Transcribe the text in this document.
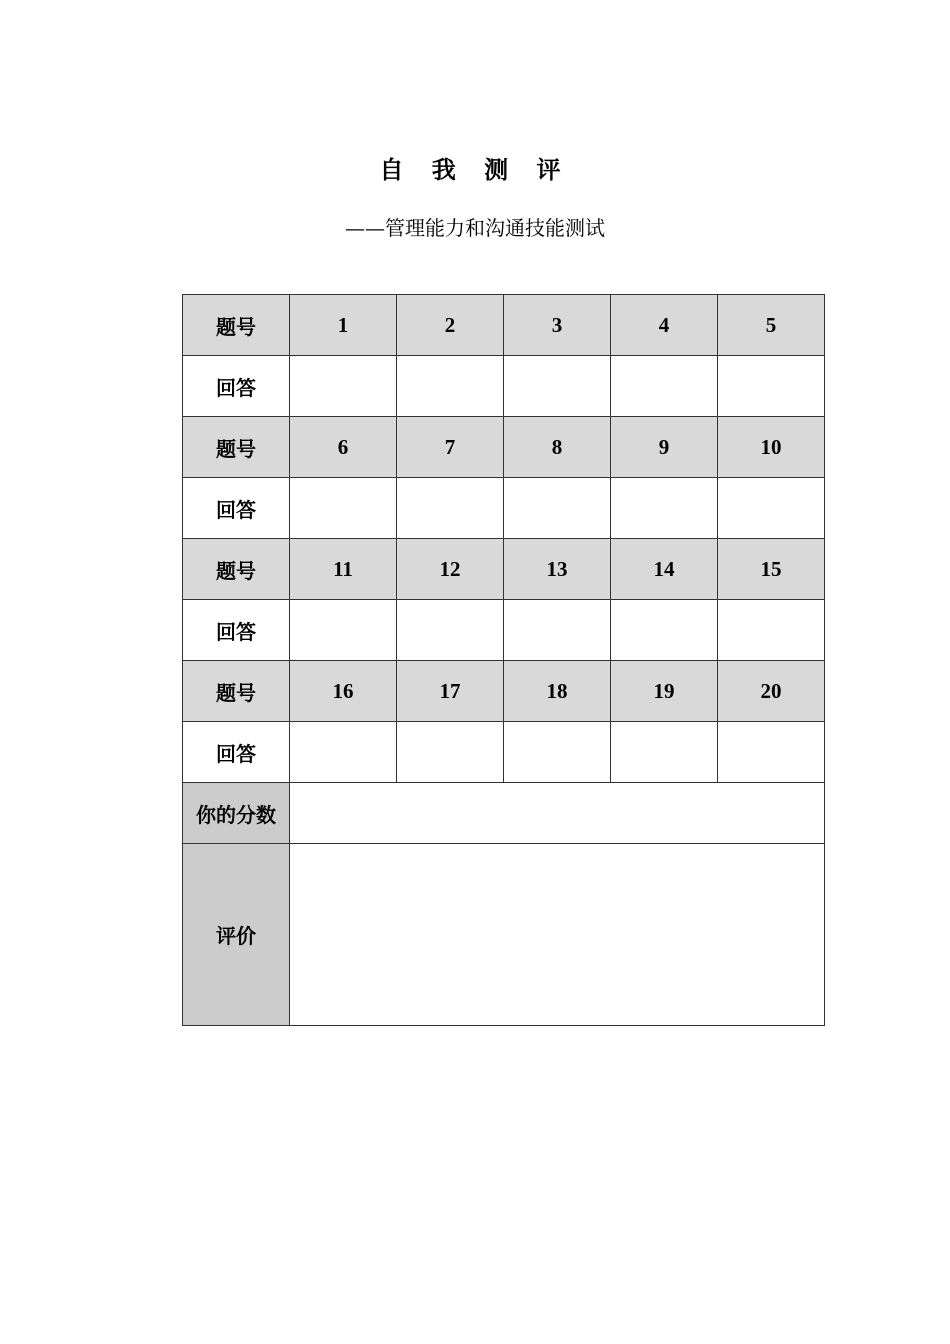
自 我 测 评
——管理能力和沟通技能测试
题号	1	2	3	4	5
回答					
题号	6	7	8	9	10
回答					
题号	11	12	13	14	15
回答					
题号	16	17	18	19	20
回答					
你的分数					
评价					
